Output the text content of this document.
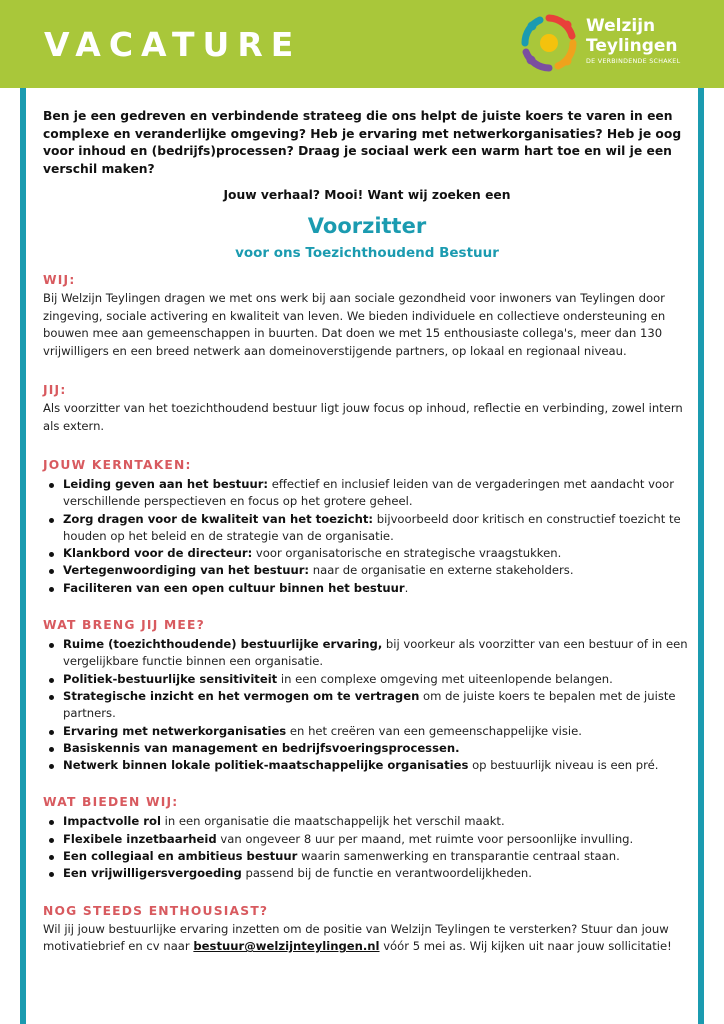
VACATURE	Welzijn
Teylingen
DE VERBINDENDE SCHAKEL

Ben je een gedreven en verbindende strateeg die ons helpt de juiste koers te varen in een complexe en veranderlijke omgeving? Heb je ervaring met netwerkorganisaties? Heb je oog voor inhoud en (bedrijfs)processen? Draag je sociaal werk een warm hart toe en wil je een verschil maken?

Jouw verhaal? Mooi! Want wij zoeken een

Voorzitter

voor ons Toezichthoudend Bestuur

WIJ:

Bij Welzijn Teylingen dragen we met ons werk bij aan sociale gezondheid voor inwoners van Teylingen door zingeving, sociale activering en kwaliteit van leven. We bieden individuele en collectieve ondersteuning en bouwen mee aan gemeenschappen in buurten. Dat doen we met 15 enthousiaste collega's, meer dan 130 vrijwilligers en een breed netwerk aan domeinoverstijgende partners, op lokaal en regionaal niveau.

JIJ:

Als voorzitter van het toezichthoudend bestuur ligt jouw focus op inhoud, reflectie en verbinding, zowel intern als extern.

JOUW KERNTAKEN:

Leiding geven aan het bestuur: effectief en inclusief leiden van de vergaderingen met aandacht voor verschillende perspectieven en focus op het grotere geheel.
Zorg dragen voor de kwaliteit van het toezicht: bijvoorbeeld door kritisch en constructief toezicht te houden op het beleid en de strategie van de organisatie.
Klankbord voor de directeur: voor organisatorische en strategische vraagstukken.
Vertegenwoordiging van het bestuur: naar de organisatie en externe stakeholders.
Faciliteren van een open cultuur binnen het bestuur.

WAT BRENG JIJ MEE?

Ruime (toezichthoudende) bestuurlijke ervaring, bij voorkeur als voorzitter van een bestuur of in een vergelijkbare functie binnen een organisatie.
Politiek-bestuurlijke sensitiviteit in een complexe omgeving met uiteenlopende belangen.
Strategische inzicht en het vermogen om te vertragen om de juiste koers te bepalen met de juiste partners.
Ervaring met netwerkorganisaties en het creëren van een gemeenschappelijke visie.
Basiskennis van management en bedrijfsvoeringsprocessen.
Netwerk binnen lokale politiek-maatschappelijke organisaties op bestuurlijk niveau is een pré.

WAT BIEDEN WIJ:

Impactvolle rol in een organisatie die maatschappelijk het verschil maakt.
Flexibele inzetbaarheid van ongeveer 8 uur per maand, met ruimte voor persoonlijke invulling.
Een collegiaal en ambitieus bestuur waarin samenwerking en transparantie centraal staan.
Een vrijwilligersvergoeding passend bij de functie en verantwoordelijkheden.

NOG STEEDS ENTHOUSIAST?

Wil jij jouw bestuurlijke ervaring inzetten om de positie van Welzijn Teylingen te versterken? Stuur dan jouw motivatiebrief en cv naar bestuur@welzijnteylingen.nl vóór 5 mei as. Wij kijken uit naar jouw sollicitatie!
